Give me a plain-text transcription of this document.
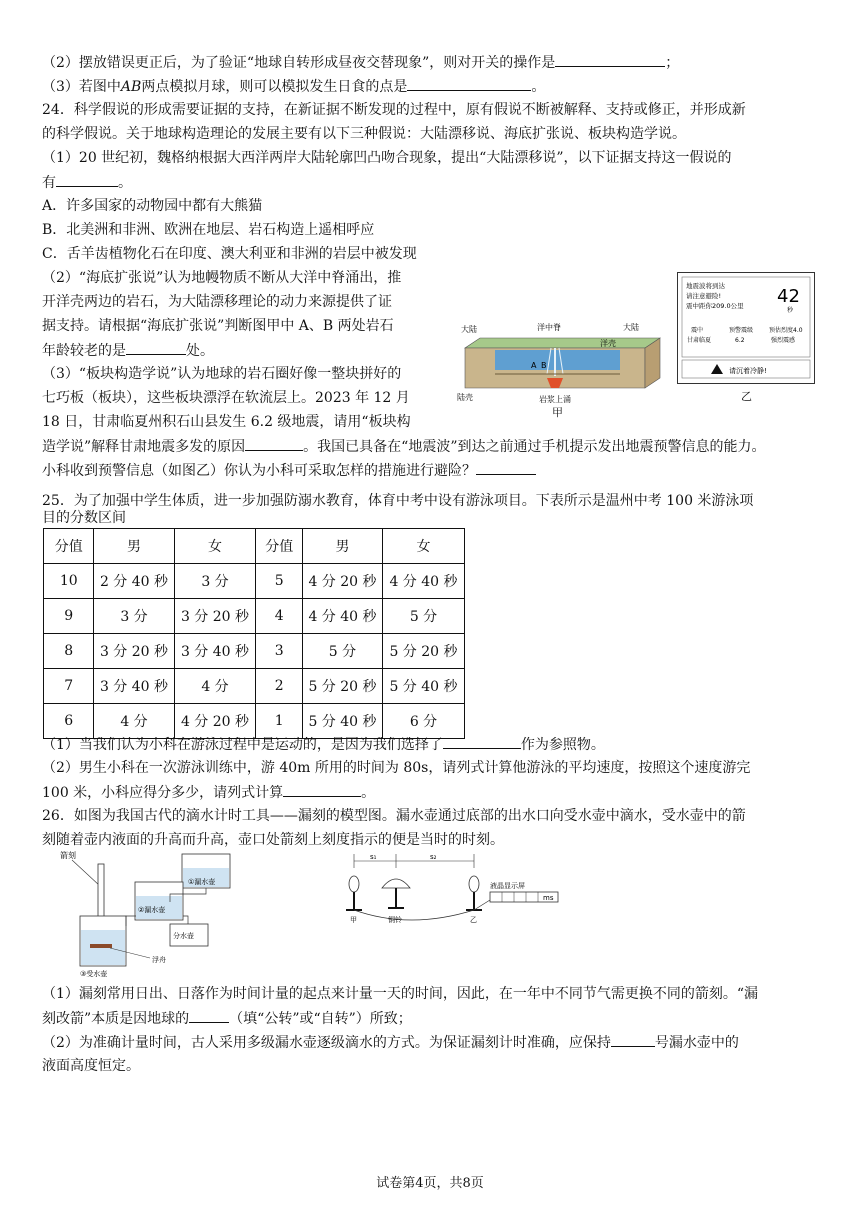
（2）摆放错误更正后，为了验证“地球自转形成昼夜交替现象”，则对开关的操作是	；
（3）若图中AB两点模拟月球，则可以模拟发生日食的点是	。
24．科学假说的形成需要证据的支持，在新证据不断发现的过程中，原有假说不断被解释、支持或修正，并形成新
的科学假说。关于地球构造理论的发展主要有以下三种假说：大陆漂移说、海底扩张说、板块构造学说。
（1）20 世纪初，魏格纳根据大西洋两岸大陆轮廓凹凸吻合现象，提出“大陆漂移说”，以下证据支持这一假说的
有	。
A．许多国家的动物园中都有大熊猫
B．北美洲和非洲、欧洲在地层、岩石构造上遥相呼应
C．舌羊齿植物化石在印度、澳大利亚和非洲的岩层中被发现
（2）“海底扩张说”认为地幔物质不断从大洋中脊涌出，推
开洋壳两边的岩石，为大陆漂移理论的动力来源提供了证
据支持。请根据“海底扩张说”判断图甲中 A、B 两处岩石
年龄较老的是	处。
（3）“板块构造学说”认为地球的岩石圈好像一整块拼好的
七巧板（板块），这些板块漂浮在软流层上。2023 年 12 月
18 日，甘肃临夏州积石山县发生 6.2 级地震，请用“板块构
造学说”解释甘肃地震多发的原因	。我国已具备在“地震波”到达之前通过手机提示发出地震预警信息的能力。
小科收到预警信息（如图乙）你认为小科可采取怎样的措施进行避险？
大陆	洋中脊	大陆
洋壳
A B
陆壳	岩浆上涌
甲
地震波将到达
请注意避险!
震中距你209.0公里 42
秒
震中
甘肃临夏
预警震级
6.2
预估烈度4.0
强烈震感
请沉着冷静!
乙
25．为了加强中学生体质，进一步加强防溺水教育，体育中考中设有游泳项目。下表所示是温州中考 100 米游泳项
目的分数区间
分值	男	女	分值	男	女
10	2 分 40 秒	3 分	5	4 分 20 秒	4 分 40 秒
9	3 分	3 分 20 秒	4	4 分 40 秒	5 分
8	3 分 20 秒	3 分 40 秒	3	5 分	5 分 20 秒
7	3 分 40 秒	4 分	2	5 分 20 秒	5 分 40 秒
6	4 分	4 分 20 秒	1	5 分 40 秒	6 分
（1）当我们认为小科在游泳过程中是运动的，是因为我们选择了	作为参照物。
（2）男生小科在一次游泳训练中，游 40m 所用的时间为 80s，请列式计算他游泳的平均速度，按照这个速度游完
100 米，小科应得分多少，请列式计算	。
26．如图为我国古代的滴水计时工具——漏刻的模型图。漏水壶通过底部的出水口向受水壶中滴水，受水壶中的箭
刻随着壶内液面的升高而升高，壶口处箭刻上刻度指示的便是当时的时刻。
箭刻
①漏水壶
②漏水壶
分水壶
浮舟
③受水壶
s₁	s₂
液晶显示屏
ms
甲	铜铃	乙
（1）漏刻常用日出、日落作为时间计量的起点来计量一天的时间，因此，在一年中不同节气需更换不同的箭刻。“漏
刻改箭”本质是因地球的	（填“公转”或“自转”）所致；
（2）为准确计量时间，古人采用多级漏水壶逐级滴水的方式。为保证漏刻计时准确，应保持	号漏水壶中的
液面高度恒定。
试卷第4页，共8页
